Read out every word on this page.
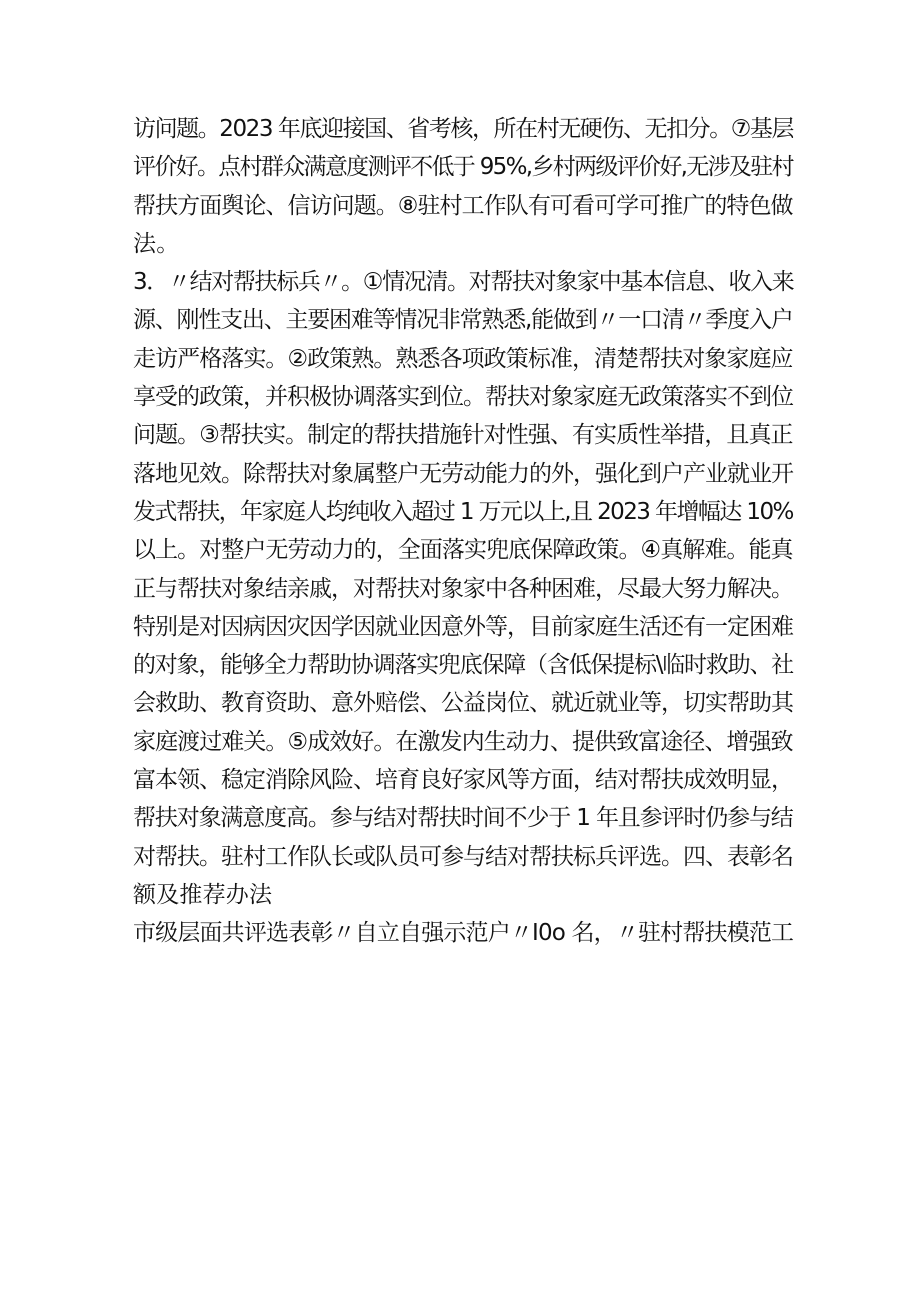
访问题。2023 年底迎接国、省考核，所在村无硬伤、无扣分。⑦基层
评价好。点村群众满意度测评不低于 95%,乡村两级评价好,无涉及驻村
帮扶方面舆论、信访问题。⑧驻村工作队有可看可学可推广的特色做
法。
3．〃结对帮扶标兵〃。①情况清。对帮扶对象家中基本信息、收入来
源、刚性支出、主要困难等情况非常熟悉,能做到〃一口清〃季度入户
走访严格落实。②政策熟。熟悉各项政策标准，清楚帮扶对象家庭应
享受的政策，并积极协调落实到位。帮扶对象家庭无政策落实不到位
问题。③帮扶实。制定的帮扶措施针对性强、有实质性举措，且真正
落地见效。除帮扶对象属整户无劳动能力的外，强化到户产业就业开
发式帮扶，年家庭人均纯收入超过 1 万元以上,且 2023 年增幅达 10%
以上。对整户无劳动力的，全面落实兜底保障政策。④真解难。能真
正与帮扶对象结亲戚，对帮扶对象家中各种困难，尽最大努力解决。
特别是对因病因灾因学因就业因意外等，目前家庭生活还有一定困难
的对象，能够全力帮助协调落实兜底保障（含低保提标\临时救助、社
会救助、教育资助、意外赔偿、公益岗位、就近就业等，切实帮助其
家庭渡过难关。⑤成效好。在激发内生动力、提供致富途径、增强致
富本领、稳定消除风险、培育良好家风等方面，结对帮扶成效明显，
帮扶对象满意度高。参与结对帮扶时间不少于 1 年且参评时仍参与结
对帮扶。驻村工作队长或队员可参与结对帮扶标兵评选。四、表彰名
额及推荐办法
市级层面共评选表彰〃自立自强示范户〃I0o 名，〃驻村帮扶模范工
